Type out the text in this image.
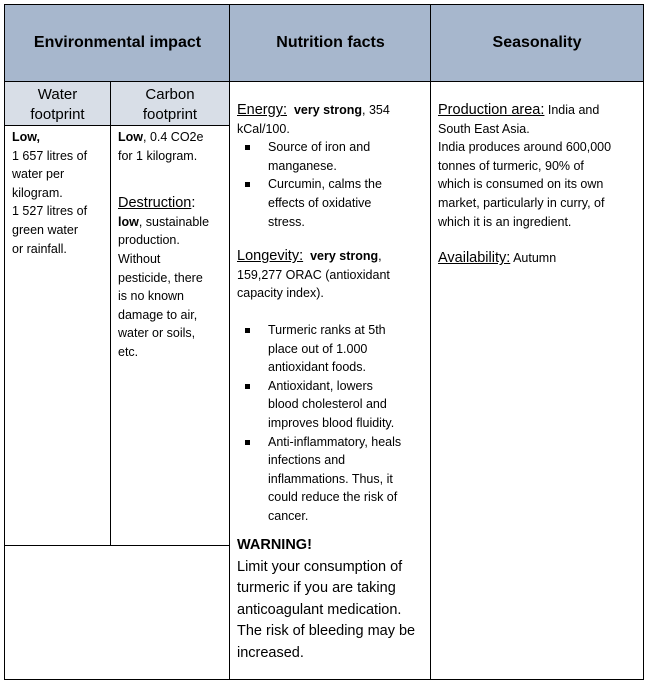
Environmental impact	Nutrition facts	Seasonality
Water
footprint
Carbon
footprint
Low,
1 657 litres of
water per
kilogram.
1 527 litres of
green water
or rainfall.
Low, 0.4 CO2e
for 1 kilogram.
Destruction:
low, sustainable
production.
Without
pesticide, there
is no known
damage to air,
water or soils,
etc.
Energy: very strong, 354
kCal/100.
Source of iron and
manganese.
Curcumin, calms the
effects of oxidative
stress.
Longevity: very strong,
159,277 ORAC (antioxidant
capacity index).
Turmeric ranks at 5th
place out of 1.000
antioxidant foods.
Antioxidant, lowers
blood cholesterol and
improves blood fluidity.
Anti-inflammatory, heals
infections and
inflammations. Thus, it
could reduce the risk of
cancer.
WARNING!
Limit your consumption of
turmeric if you are taking
anticoagulant medication.
The risk of bleeding may be
increased.
Production area: India and
South East Asia.
India produces around 600,000
tonnes of turmeric, 90% of
which is consumed on its own
market, particularly in curry, of
which it is an ingredient.
Availability: Autumn
